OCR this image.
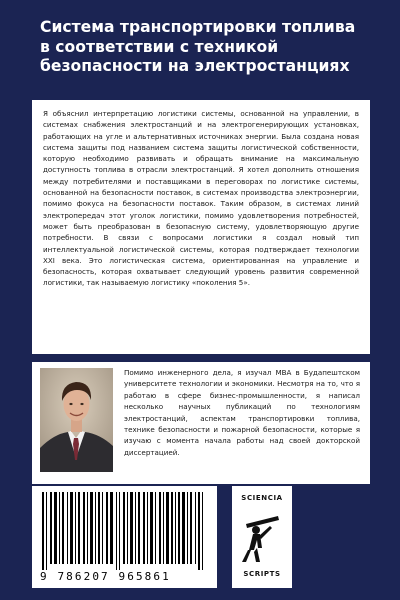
Система транспортировки топлива в соответствии с техникой безопасности на электростанциях

Я объяснил интерпретацию логистики системы, основанной на управлении, в системах снабжения электростанций и на электрогенерирующих установках, работающих на угле и альтернативных источниках энергии. Была создана новая система защиты под названием система защиты логистической собственности, которую необходимо развивать и обращать внимание на максимальную доступность топлива в отрасли электростанций. Я хотел дополнить отношения между потребителями и поставщиками в переговорах по логистике системы, основанной на безопасности поставок, в системах производства электроэнергии, помимо фокуса на безопасности поставок. Таким образом, в системах линий электропередач этот уголок логистики, помимо удовлетворения потребностей, может быть преобразован в безопасную систему, удовлетворяющую другие потребности. В связи с вопросами логистики я создал новый тип интеллектуальной логистической системы, которая подтверждает технологии XXI века. Это логистическая система, ориентированная на управление и безопасность, которая охватывает следующий уровень развития современной логистики, так называемую логистику «поколения 5».

Помимо инженерного дела, я изучал MBA в Будапештском университете технологии и экономики. Несмотря на то, что я работаю в сфере бизнес-промышленности, я написал несколько научных публикаций по технологиям электростанций, аспектам транспортировки топлива, технике безопасности и пожарной безопасности, которые я изучаю с момента начала работы над своей докторской диссертацией.

9 786207 965861
SCIENCIA
SCRIPTS
